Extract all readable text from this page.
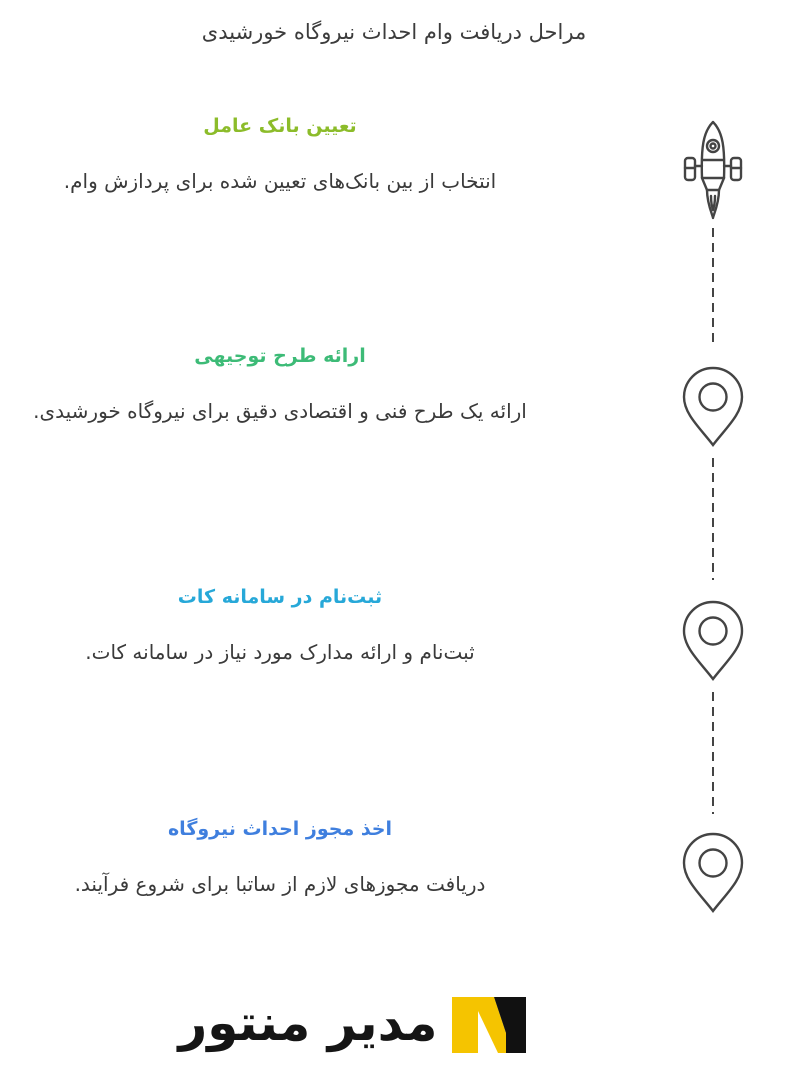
مراحل دریافت وام احداث نیروگاه خورشیدی
تعیین بانک عامل
انتخاب از بین بانک‌های تعیین شده برای پردازش وام.
ارائه طرح توجیهی
ارائه یک طرح فنی و اقتصادی دقیق برای نیروگاه خورشیدی.
ثبت‌نام در سامانه کات
ثبت‌نام و ارائه مدارک مورد نیاز در سامانه کات.
اخذ مجوز احداث نیروگاه
دریافت مجوزهای لازم از ساتبا برای شروع فرآیند.
مدیر منتور
